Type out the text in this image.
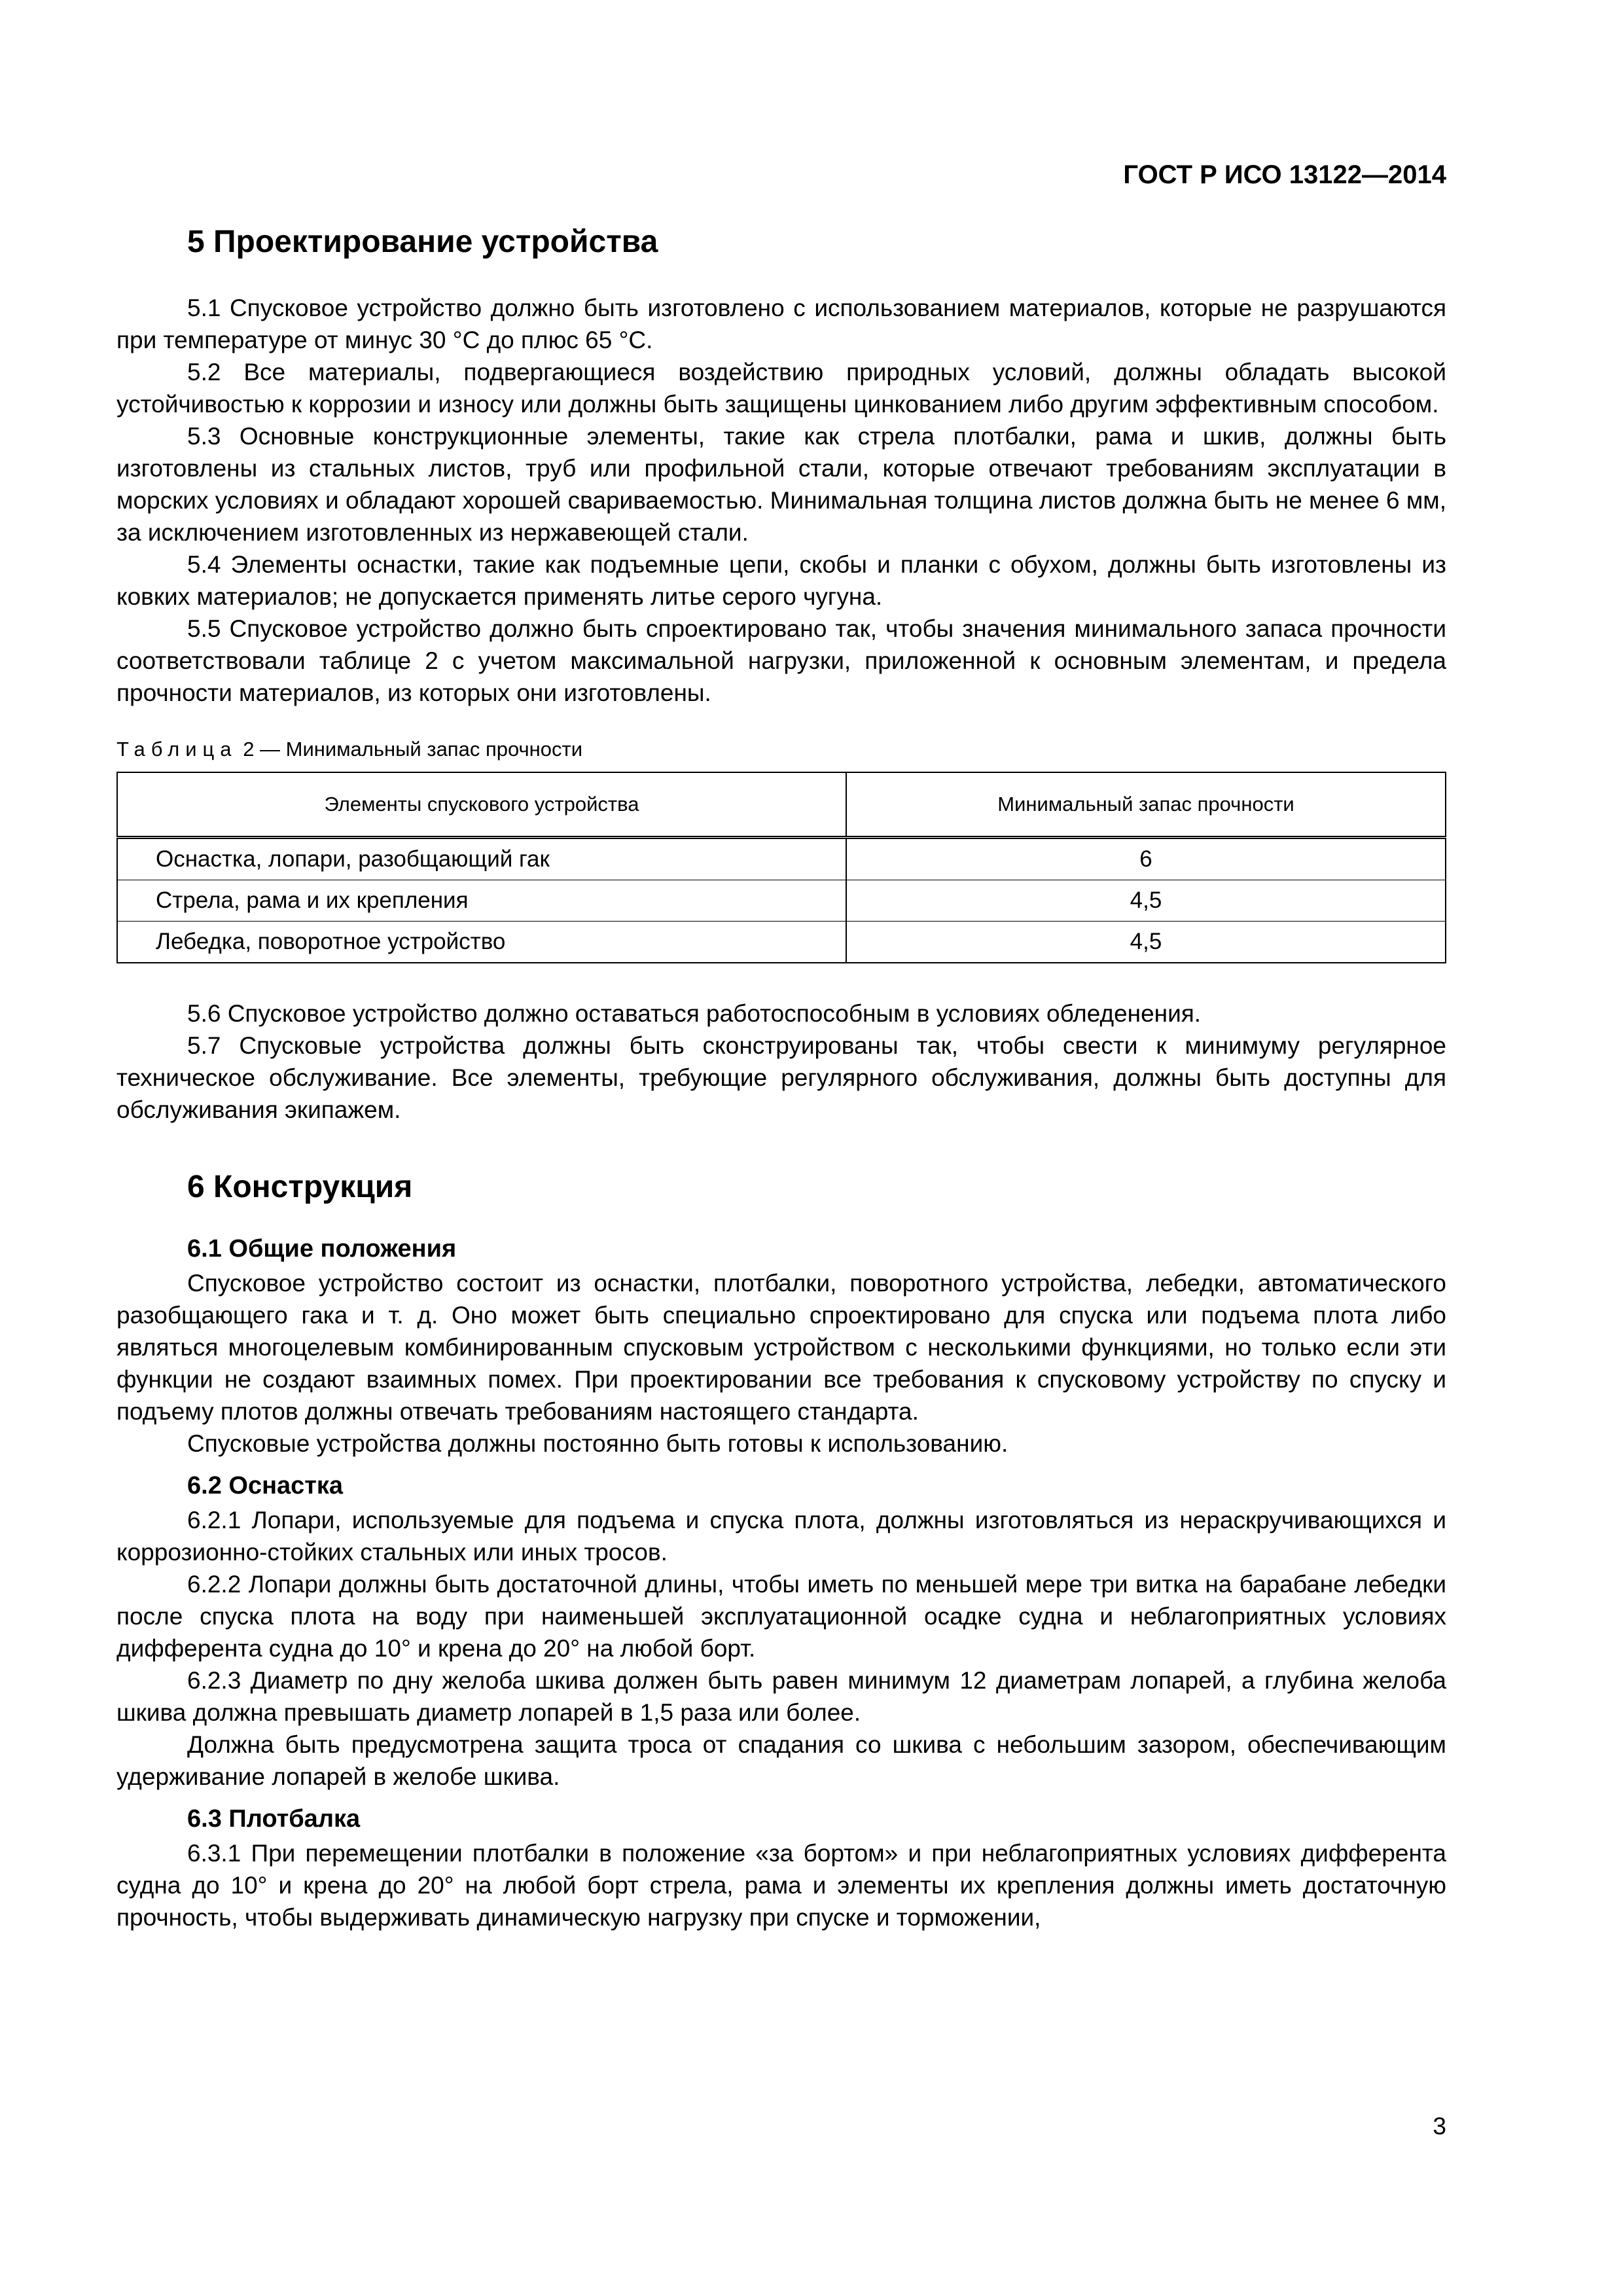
ГОСТ Р ИСО 13122—2014
5 Проектирование устройства

5.1 Спусковое устройство должно быть изготовлено с использованием материалов, которые не разрушаются при температуре от минус 30 °С до плюс 65 °С.

5.2 Все материалы, подвергающиеся воздействию природных условий, должны обладать высокой устойчивостью к коррозии и износу или должны быть защищены цинкованием либо другим эффективным способом.

5.3 Основные конструкционные элементы, такие как стрела плотбалки, рама и шкив, должны быть изготовлены из стальных листов, труб или профильной стали, которые отвечают требованиям эксплуатации в морских условиях и обладают хорошей свариваемостью. Минимальная толщина листов должна быть не менее 6 мм, за исключением изготовленных из нержавеющей стали.

5.4 Элементы оснастки, такие как подъемные цепи, скобы и планки с обухом, должны быть изготовлены из ковких материалов; не допускается применять литье серого чугуна.

5.5 Спусковое устройство должно быть спроектировано так, чтобы значения минимального запаса прочности соответствовали таблице 2 с учетом максимальной нагрузки, приложенной к основным элементам, и предела прочности материалов, из которых они изготовлены.

Таблица 2 — Минимальный запас прочности
Элементы спускового устройства	Минимальный запас прочности
Оснастка, лопари, разобщающий гак	6
Стрела, рама и их крепления	4,5
Лебедка, поворотное устройство	4,5

5.6 Спусковое устройство должно оставаться работоспособным в условиях обледенения.

5.7 Спусковые устройства должны быть сконструированы так, чтобы свести к минимуму регулярное техническое обслуживание. Все элементы, требующие регулярного обслуживания, должны быть доступны для обслуживания экипажем.

6 Конструкция
6.1 Общие положения

Спусковое устройство состоит из оснастки, плотбалки, поворотного устройства, лебедки, автоматического разобщающего гака и т. д. Оно может быть специально спроектировано для спуска или подъема плота либо являться многоцелевым комбинированным спусковым устройством с несколькими функциями, но только если эти функции не создают взаимных помех. При проектировании все требования к спусковому устройству по спуску и подъему плотов должны отвечать требованиям настоящего стандарта.

Спусковые устройства должны постоянно быть готовы к использованию.

6.2 Оснастка

6.2.1 Лопари, используемые для подъема и спуска плота, должны изготовляться из нераскручивающихся и коррозионно-стойких стальных или иных тросов.

6.2.2 Лопари должны быть достаточной длины, чтобы иметь по меньшей мере три витка на барабане лебедки после спуска плота на воду при наименьшей эксплуатационной осадке судна и неблагоприятных условиях дифферента судна до 10° и крена до 20° на любой борт.

6.2.3 Диаметр по дну желоба шкива должен быть равен минимум 12 диаметрам лопарей, а глубина желоба шкива должна превышать диаметр лопарей в 1,5 раза или более.

Должна быть предусмотрена защита троса от спадания со шкива с небольшим зазором, обеспечивающим удерживание лопарей в желобе шкива.

6.3 Плотбалка

6.3.1 При перемещении плотбалки в положение «за бортом» и при неблагоприятных условиях дифферента судна до 10° и крена до 20° на любой борт стрела, рама и элементы их крепления должны иметь достаточную прочность, чтобы выдерживать динамическую нагрузку при спуске и торможении,

3
